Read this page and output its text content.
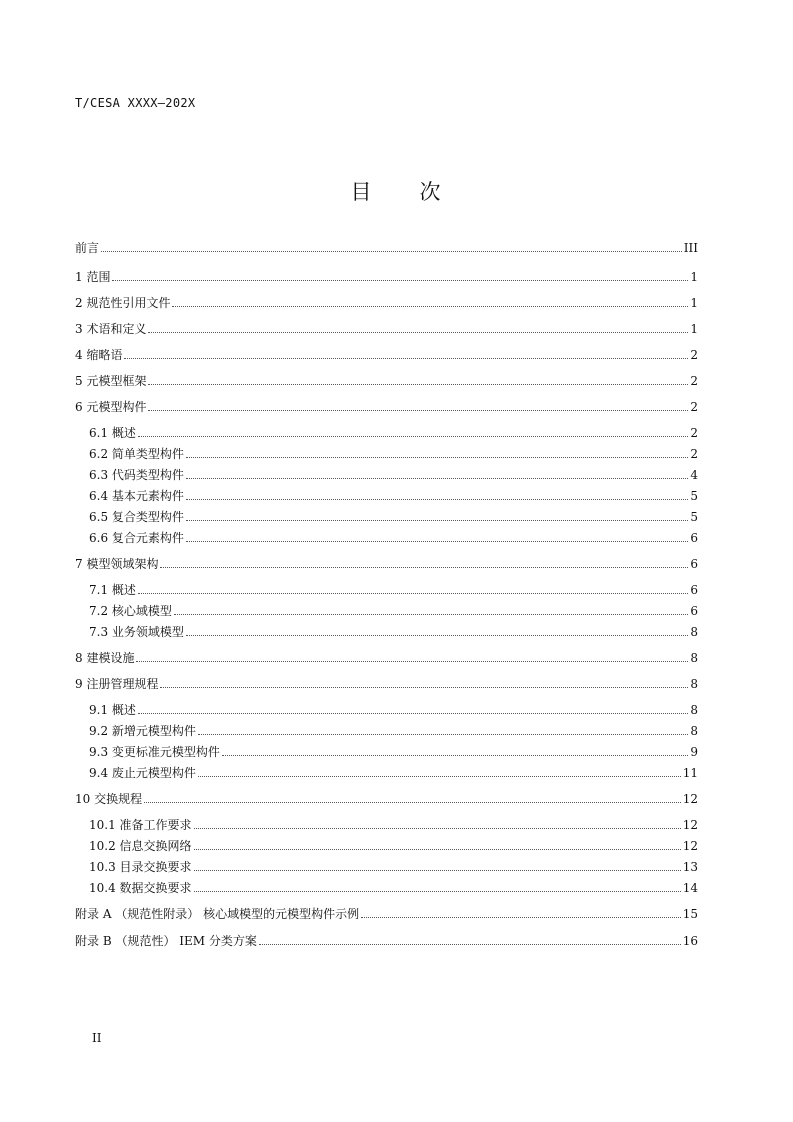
T/CESA XXXX—202X
目　　次
前言	III
1 范围	1
2 规范性引用文件	1
3 术语和定义	1
4 缩略语	2
5 元模型框架	2
6 元模型构件	2
6.1 概述	2
6.2 简单类型构件	2
6.3 代码类型构件	4
6.4 基本元素构件	5
6.5 复合类型构件	5
6.6 复合元素构件	6
7 模型领域架构	6
7.1 概述	6
7.2 核心域模型	6
7.3 业务领域模型	8
8 建模设施	8
9 注册管理规程	8
9.1 概述	8
9.2 新增元模型构件	8
9.3 变更标准元模型构件	9
9.4 废止元模型构件	11
10 交换规程	12
10.1 准备工作要求	12
10.2 信息交换网络	12
10.3 目录交换要求	13
10.4 数据交换要求	14
附录 A （规范性附录） 核心域模型的元模型构件示例	15
附录 B （规范性） IEM 分类方案	16
II
